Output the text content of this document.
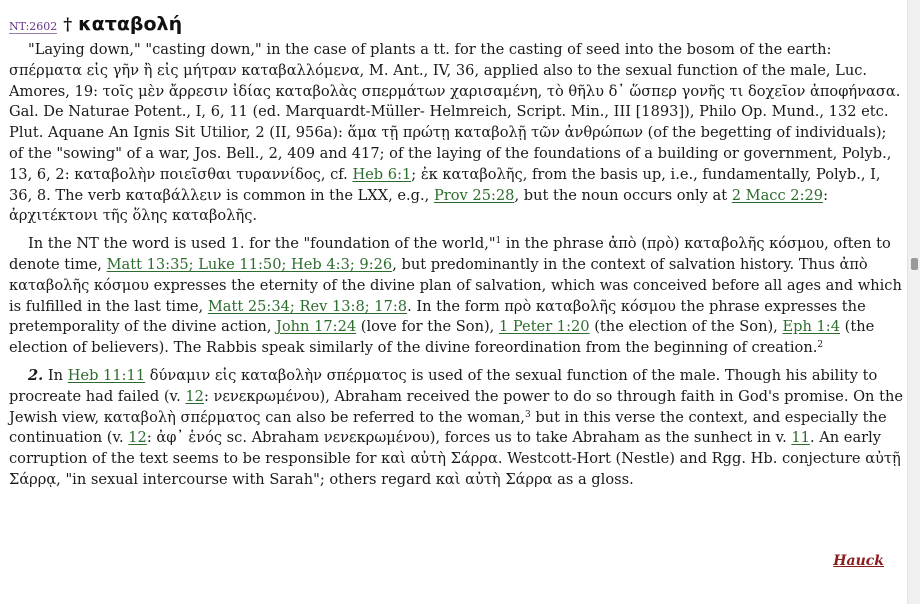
NT:2602 † καταβολή

"Laying down," "casting down," in the case of plants a tt. for the casting of seed into the bosom of the earth: σπέρματα εἰς γῆν ἢ εἰς μήτραν καταβαλλόμενα, M. Ant., IV, 36, applied also to the sexual function of the male, Luc. Amores, 19: τοῖς μὲν ἄρρεσιν ἰδίας καταβολὰς σπερμάτων χαρισαμένη, τὸ θῆλυ δ᾽ ὥσπερ γονῆς τι δοχεῖον ἀποφήνασα. Gal. De Naturae Potent., I, 6, 11 (ed. Marquardt-Müller- Helmreich, Script. Min., III [1893]), Philo Op. Mund., 132 etc. Plut. Aquane An Ignis Sit Utilior, 2 (II, 956a): ἅμα τῇ πρώτῃ καταβολῇ τῶν ἀνθρώπων (of the begetting of individuals); of the "sowing" of a war, Jos. Bell., 2, 409 and 417; of the laying of the foundations of a building or government, Polyb., 13, 6, 2: καταβολὴν ποιεῖσθαι τυραννίδος, cf. Heb 6:1; ἐκ καταβολῆς, from the basis up, i.e., fundamentally, Polyb., I, 36, 8. The verb καταβάλλειν is common in the LXX, e.g., Prov 25:28, but the noun occurs only at 2 Macc 2:29: ἀρχιτέκτονι τῆς ὅλης καταβολῆς.

In the NT the word is used 1. for the "foundation of the world,"$^1$ in the phrase ἀπὸ (πρὸ) καταβολῆς κόσμου, often to denote time, Matt 13:35; Luke 11:50; Heb 4:3; 9:26, but predominantly in the context of salvation history. Thus ἀπὸ καταβολῆς κόσμου expresses the eternity of the divine plan of salvation, which was conceived before all ages and which is fulfilled in the last time, Matt 25:34; Rev 13:8; 17:8. In the form πρὸ καταβολῆς κόσμου the phrase expresses the pretemporality of the divine action, John 17:24 (love for the Son), 1 Peter 1:20 (the election of the Son), Eph 1:4 (the election of believers). The Rabbis speak similarly of the divine foreordination from the beginning of creation.$^2$

2. In Heb 11:11 δύναμιν εἰς καταβολὴν σπέρματος is used of the sexual function of the male. Though his ability to procreate had failed (v. 12: νενεκρωμένου), Abraham received the power to do so through faith in God's promise. On the Jewish view, καταβολὴ σπέρματος can also be referred to the woman,$^3$ but in this verse the context, and especially the continuation (v. 12: ἀφ᾽ ἑνός sc. Abraham νενεκρωμένου), forces us to take Abraham as the sunhect in v. 11. An early corruption of the text seems to be responsible for καὶ αὐτὴ Σάρρα. Westcott-Hort (Nestle) and Rgg. Hb. conjecture αὐτῇ Σάρρᾳ, "in sexual intercourse with Sarah"; others regard καὶ αὐτὴ Σάρρα as a gloss.

Hauck
